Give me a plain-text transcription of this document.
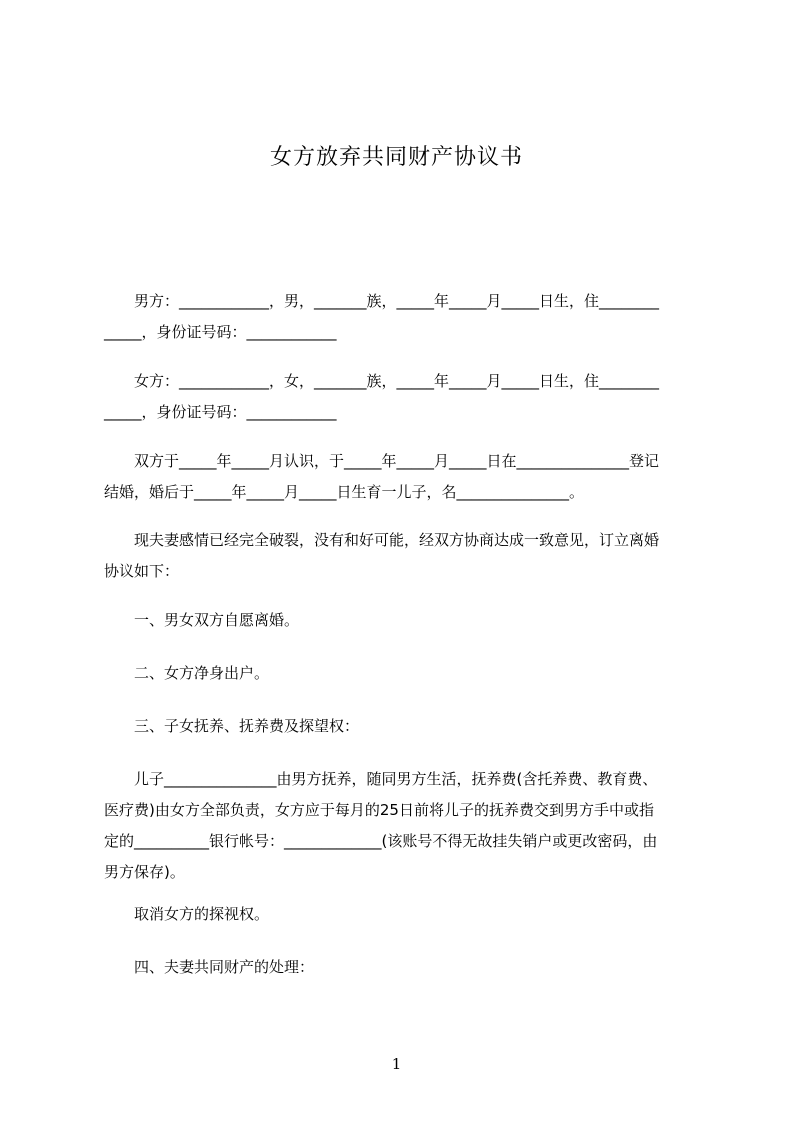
女方放弃共同财产协议书
　　男方：____________，男，_______族，_____年_____月_____日生，住________
_____，身份证号码：____________
　　女方：____________，女，_______族，_____年_____月_____日生，住________
_____，身份证号码：____________
　　双方于_____年_____月认识，于_____年_____月_____日在_______________登记
结婚，婚后于_____年_____月_____日生育一儿子，名_______________。
　　现夫妻感情已经完全破裂，没有和好可能，经双方协商达成一致意见，订立离婚
协议如下：
　　一、男女双方自愿离婚。
　　二、女方净身出户。
　　三、子女抚养、抚养费及探望权：
　　儿子_______________由男方抚养，随同男方生活，抚养费(含托养费、教育费、
医疗费)由女方全部负责，女方应于每月的25日前将儿子的抚养费交到男方手中或指
定的__________银行帐号：_____________(该账号不得无故挂失销户或更改密码，由
男方保存)。
　　取消女方的探视权。
　　四、夫妻共同财产的处理：
1
